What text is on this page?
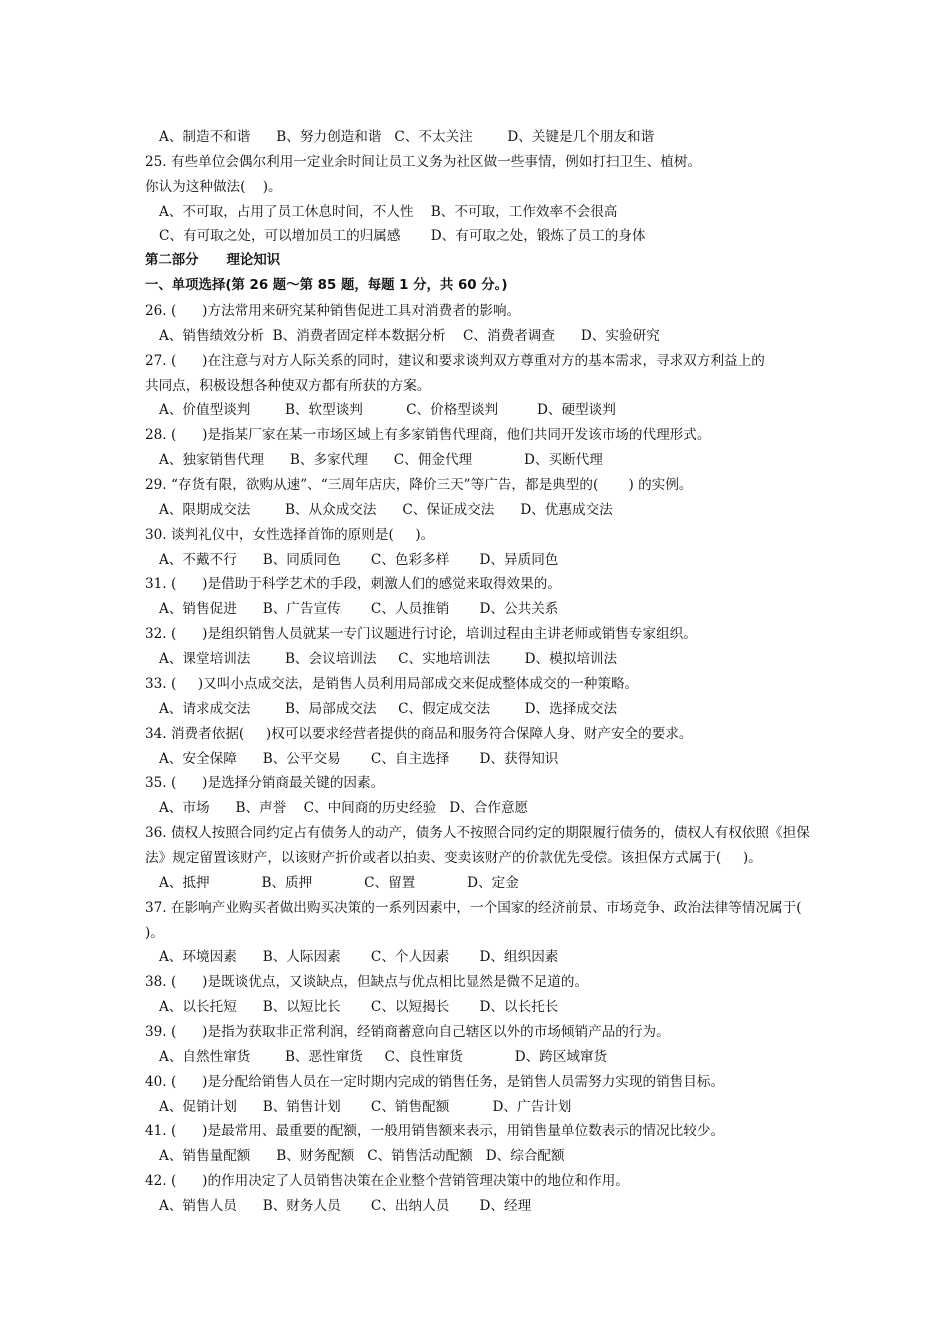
A、制造不和谐      B、努力创造和谐   C、不太关注        D、关键是几个朋友和谐
25. 有些单位会偶尔利用一定业余时间让员工义务为社区做一些事情，例如打扫卫生、植树。
你认为这种做法(    )。
A、不可取，占用了员工休息时间，不人性    B、不可取，工作效率不会很高
C、有可取之处，可以增加员工的归属感       D、有可取之处，锻炼了员工的身体
第二部分      理论知识
一、单项选择(第 26 题～第 85 题，每题 1 分，共 60 分。)
26. (      )方法常用来研究某种销售促进工具对消费者的影响。
A、销售绩效分析  B、消费者固定样本数据分析    C、消费者调查      D、实验研究
27. (      )在注意与对方人际关系的同时，建议和要求谈判双方尊重对方的基本需求，寻求双方利益上的
共同点，积极设想各种使双方都有所获的方案。
A、价值型谈判        B、软型谈判          C、价格型谈判         D、硬型谈判
28. (      )是指某厂家在某一市场区域上有多家销售代理商，他们共同开发该市场的代理形式。
A、独家销售代理      B、多家代理      C、佣金代理            D、买断代理
29. “存货有限，欲购从速”、“三周年店庆，降价三天”等广告，都是典型的(       ) 的实例。
A、限期成交法        B、从众成交法      C、保证成交法      D、优惠成交法
30. 谈判礼仪中，女性选择首饰的原则是(     )。
A、不戴不行      B、同质同色       C、色彩多样       D、异质同色
31. (      )是借助于科学艺术的手段，刺激人们的感觉来取得效果的。
A、销售促进      B、广告宣传       C、人员推销       D、公共关系
32. (      )是组织销售人员就某一专门议题进行讨论，培训过程由主讲老师或销售专家组织。
A、课堂培训法        B、会议培训法     C、实地培训法        D、模拟培训法
33. (     )又叫小点成交法，是销售人员利用局部成交来促成整体成交的一种策略。
A、请求成交法        B、局部成交法     C、假定成交法        D、选择成交法
34. 消费者依据(     )权可以要求经营者提供的商品和服务符合保障人身、财产安全的要求。
A、安全保障      B、公平交易       C、自主选择       D、获得知识
35. (      )是选择分销商最关键的因素。
A、市场      B、声誉    C、中间商的历史经验   D、合作意愿
36. 债权人按照合同约定占有债务人的动产，债务人不按照合同约定的期限履行债务的，债权人有权依照《担保
法》规定留置该财产，以该财产折价或者以拍卖、变卖该财产的价款优先受偿。该担保方式属于(     )。
A、抵押            B、质押            C、留置            D、定金
37. 在影响产业购买者做出购买决策的一系列因素中，一个国家的经济前景、市场竞争、政治法律等情况属于(
)。
A、环境因素      B、人际因素       C、个人因素       D、组织因素
38. (      )是既谈优点，又谈缺点，但缺点与优点相比显然是微不足道的。
A、以长托短      B、以短比长       C、以短揭长       D、以长托长
39. (      )是指为获取非正常利润，经销商蓄意向自己辖区以外的市场倾销产品的行为。
A、自然性窜货        B、恶性窜货     C、良性窜货            D、跨区域窜货
40. (      )是分配给销售人员在一定时期内完成的销售任务，是销售人员需努力实现的销售目标。
A、促销计划      B、销售计划       C、销售配额          D、广告计划
41. (      )是最常用、最重要的配额，一般用销售额来表示，用销售量单位数表示的情况比较少。
A、销售量配额      B、财务配额   C、销售活动配额   D、综合配额
42. (      )的作用决定了人员销售决策在企业整个营销管理决策中的地位和作用。
A、销售人员      B、财务人员       C、出纳人员       D、经理
